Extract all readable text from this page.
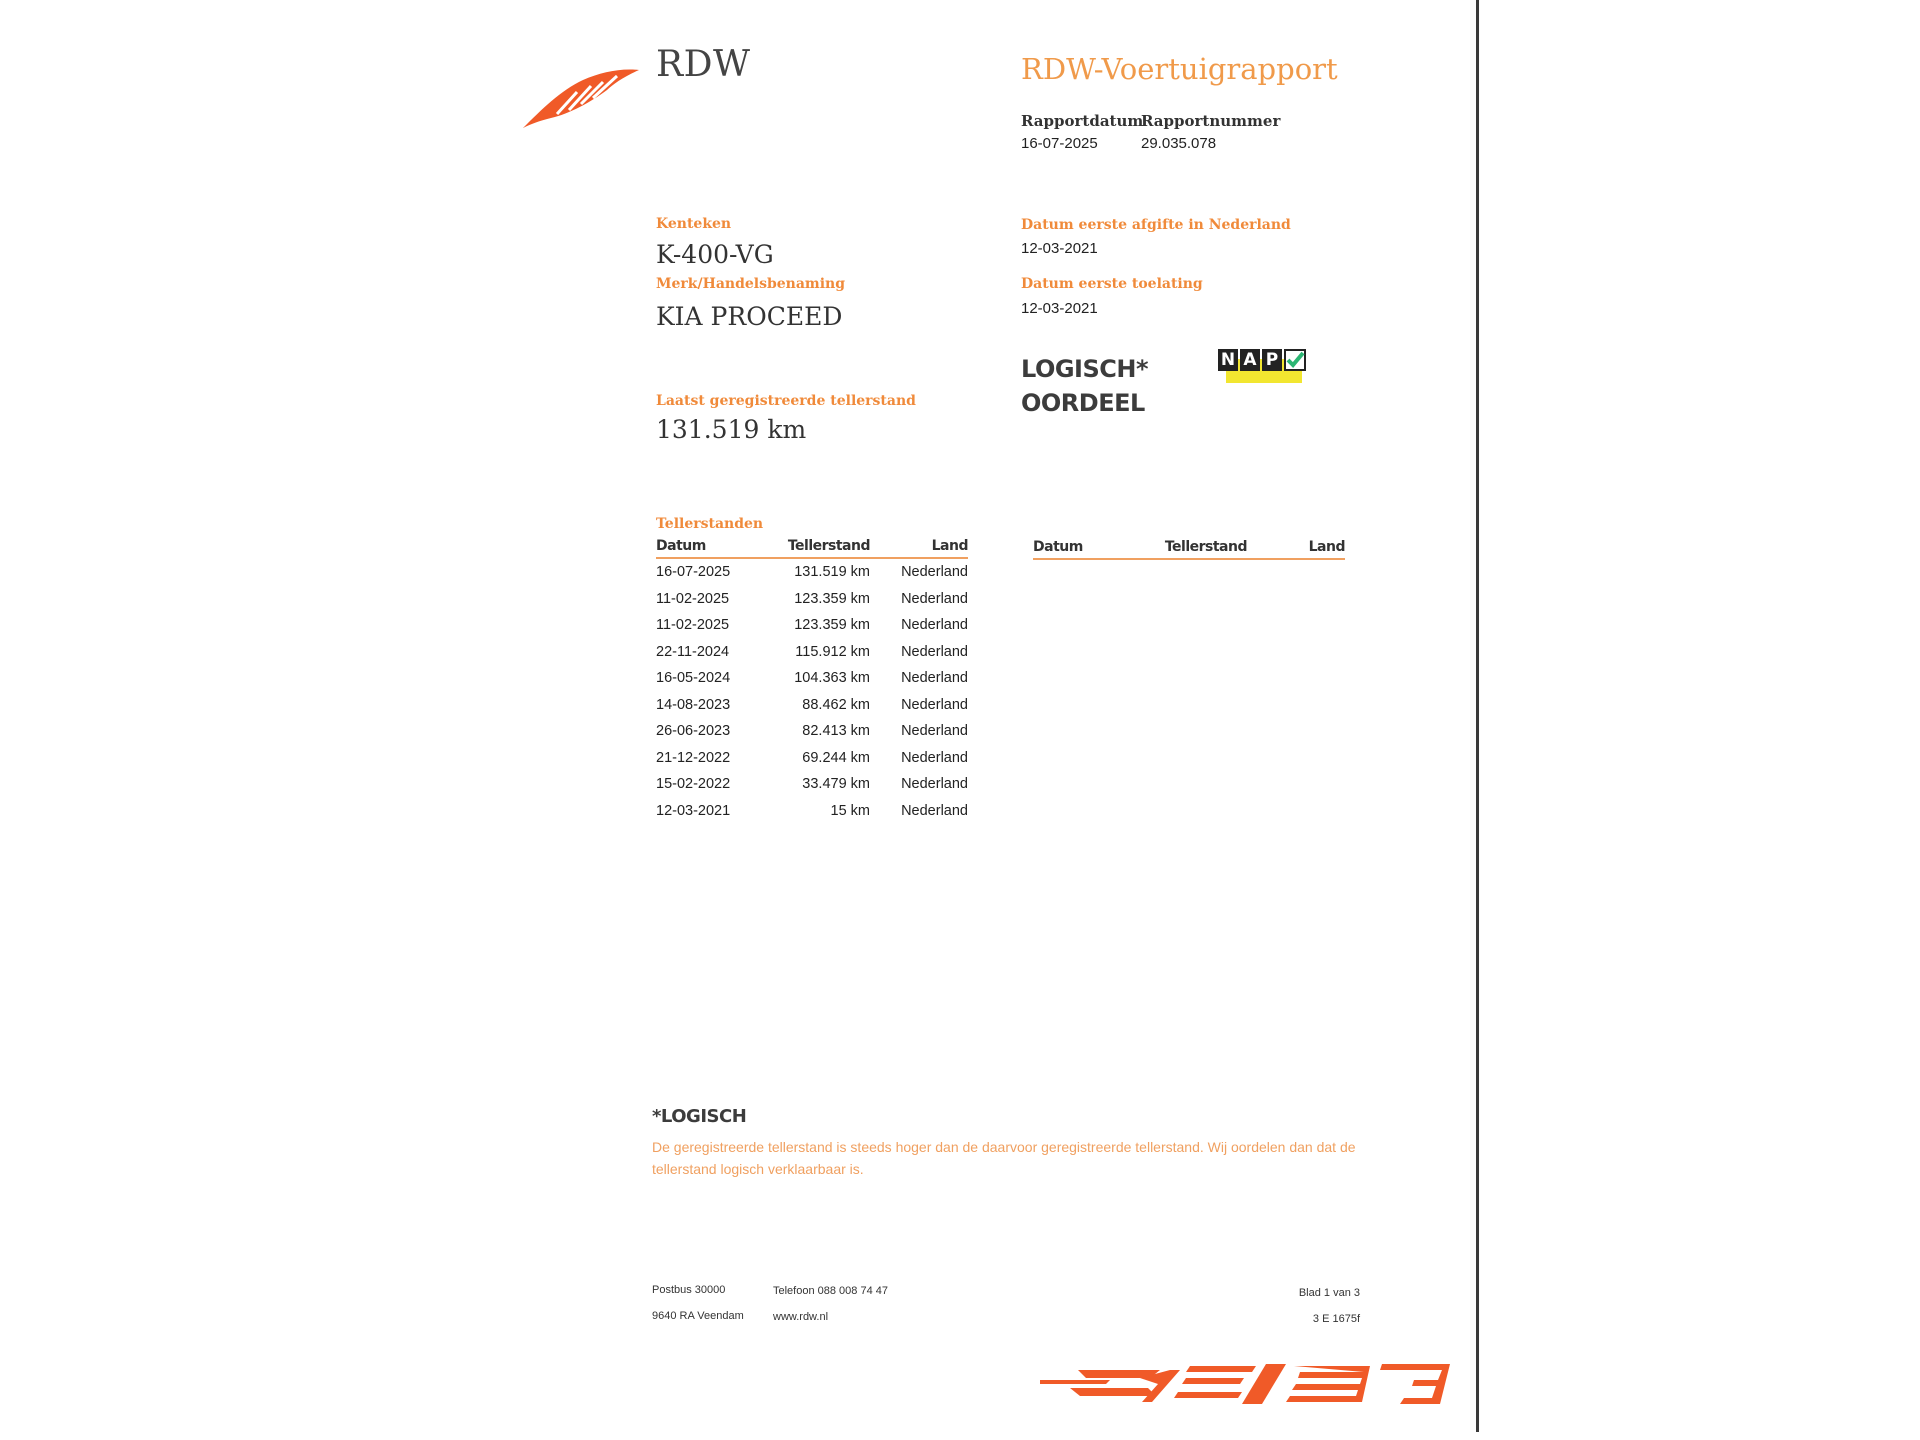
RDW	RDW-Voertuigrapport
Rapportdatum
16-07-2025
Rapportnummer
29.035.078
Kenteken
K-400-VG
Merk/Handelsbenaming
KIA PROCEED
Laatst geregistreerde tellerstand
131.519 km
Datum eerste afgifte in Nederland
12-03-2021
Datum eerste toelating
12-03-2021
LOGISCH*
OORDEEL
N A P
Tellerstanden
Datum	Tellerstand	Land
16-07-2025	131.519 km	Nederland
11-02-2025	123.359 km	Nederland
11-02-2025	123.359 km	Nederland
22-11-2024	115.912 km	Nederland
16-05-2024	104.363 km	Nederland
14-08-2023	88.462 km	Nederland
26-06-2023	82.413 km	Nederland
21-12-2022	69.244 km	Nederland
15-02-2022	33.479 km	Nederland
12-03-2021	15 km	Nederland
Datum	Tellerstand	Land
*LOGISCH
De geregistreerde tellerstand is steeds hoger dan de daarvoor geregistreerde tellerstand. Wij oordelen dan dat de tellerstand logisch verklaarbaar is.
Postbus 30000
9640 RA Veendam
Telefoon 088 008 74 47
www.rdw.nl
Blad 1 van 3
3 E 1675f
